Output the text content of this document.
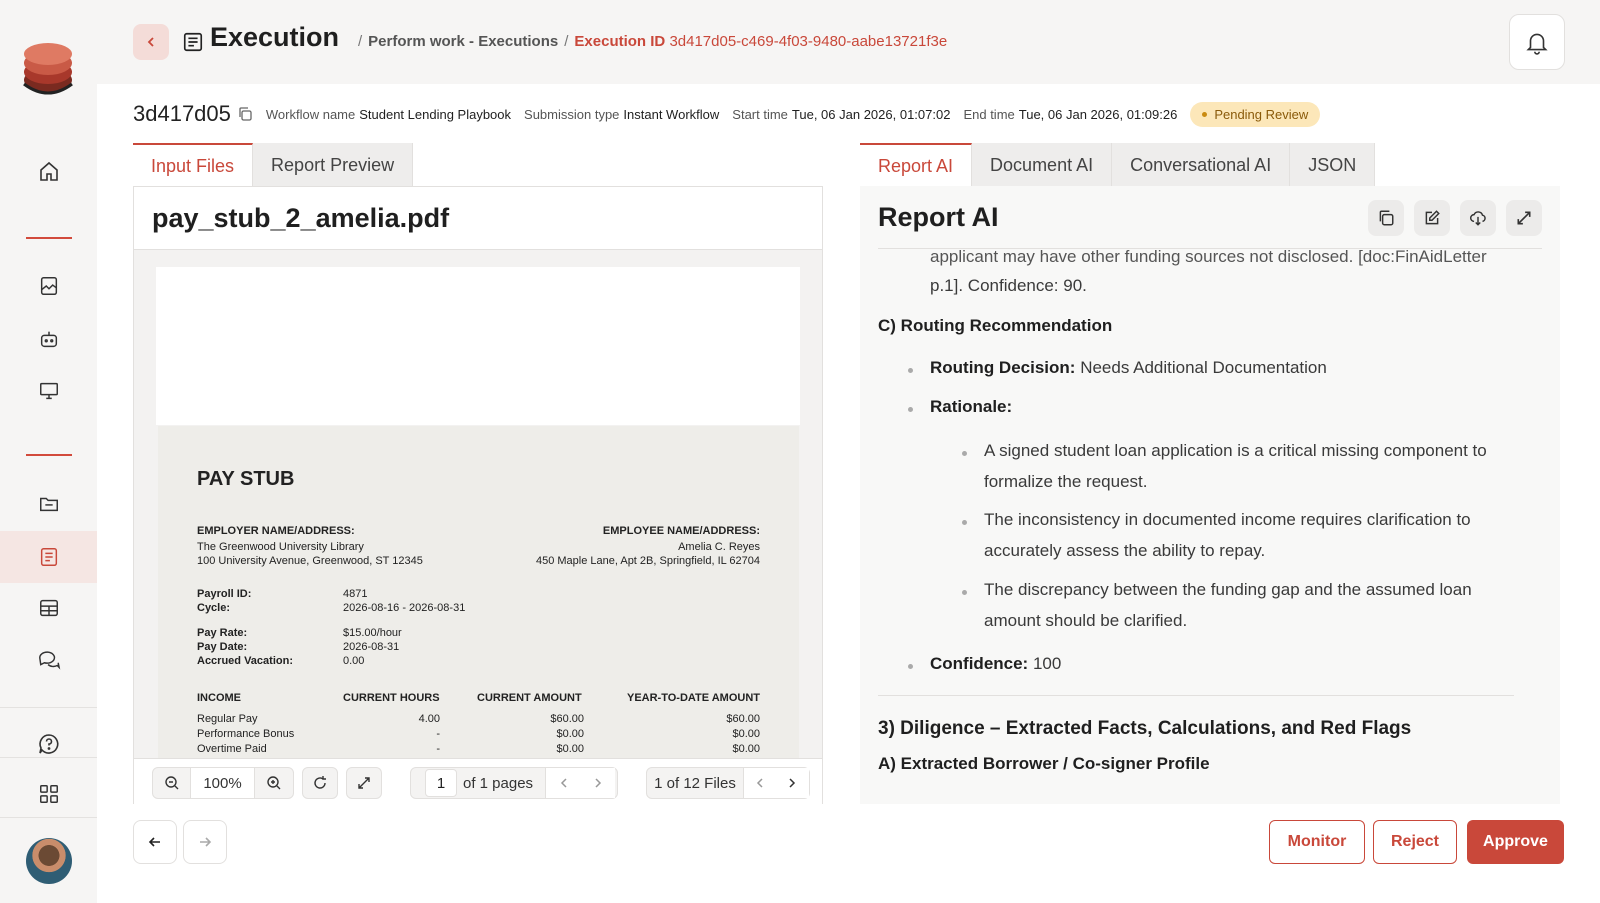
Execution	/ Perform work - Executions / Execution ID 3d417d05-c469-4f03-9480-aabe13721f3e
3d417d05	Workflow name Student Lending Playbook Submission type Instant Workflow Start time Tue, 06 Jan 2026, 01:07:02 End time Tue, 06 Jan 2026, 01:09:26	Pending Review
Input Files	Report Preview
pay_stub_2_amelia.pdf
PAY STUB
EMPLOYER NAME/ADDRESS:
The Greenwood University Library
100 University Avenue, Greenwood, ST 12345
EMPLOYEE NAME/ADDRESS:
Amelia C. Reyes
450 Maple Lane, Apt 2B, Springfield, IL 62704
Payroll ID:	4871
Cycle:	2026-08-16 - 2026-08-31
Pay Rate:	$15.00/hour
Pay Date:	2026-08-31
Accrued Vacation:	0.00
INCOME	CURRENT HOURS	CURRENT AMOUNT	YEAR-TO-DATE AMOUNT
Regular Pay	4.00	$60.00	$60.00
Performance Bonus	-	$0.00	$0.00
Overtime Paid	-	$0.00	$0.00
100%	1	of 1 pages	1 of 12 Files
Report AI	Document AI	Conversational AI	JSON
Report AI
applicant may have other funding sources not disclosed. [doc:FinAidLetter
p.1]. Confidence: 90.
C) Routing Recommendation
Routing Decision: Needs Additional Documentation
Rationale:
A signed student loan application is a critical missing component to
formalize the request.
The inconsistency in documented income requires clarification to
accurately assess the ability to repay.
The discrepancy between the funding gap and the assumed loan
amount should be clarified.
Confidence: 100
3) Diligence – Extracted Facts, Calculations, and Red Flags
A) Extracted Borrower / Co-signer Profile
Monitor	Reject	Approve
